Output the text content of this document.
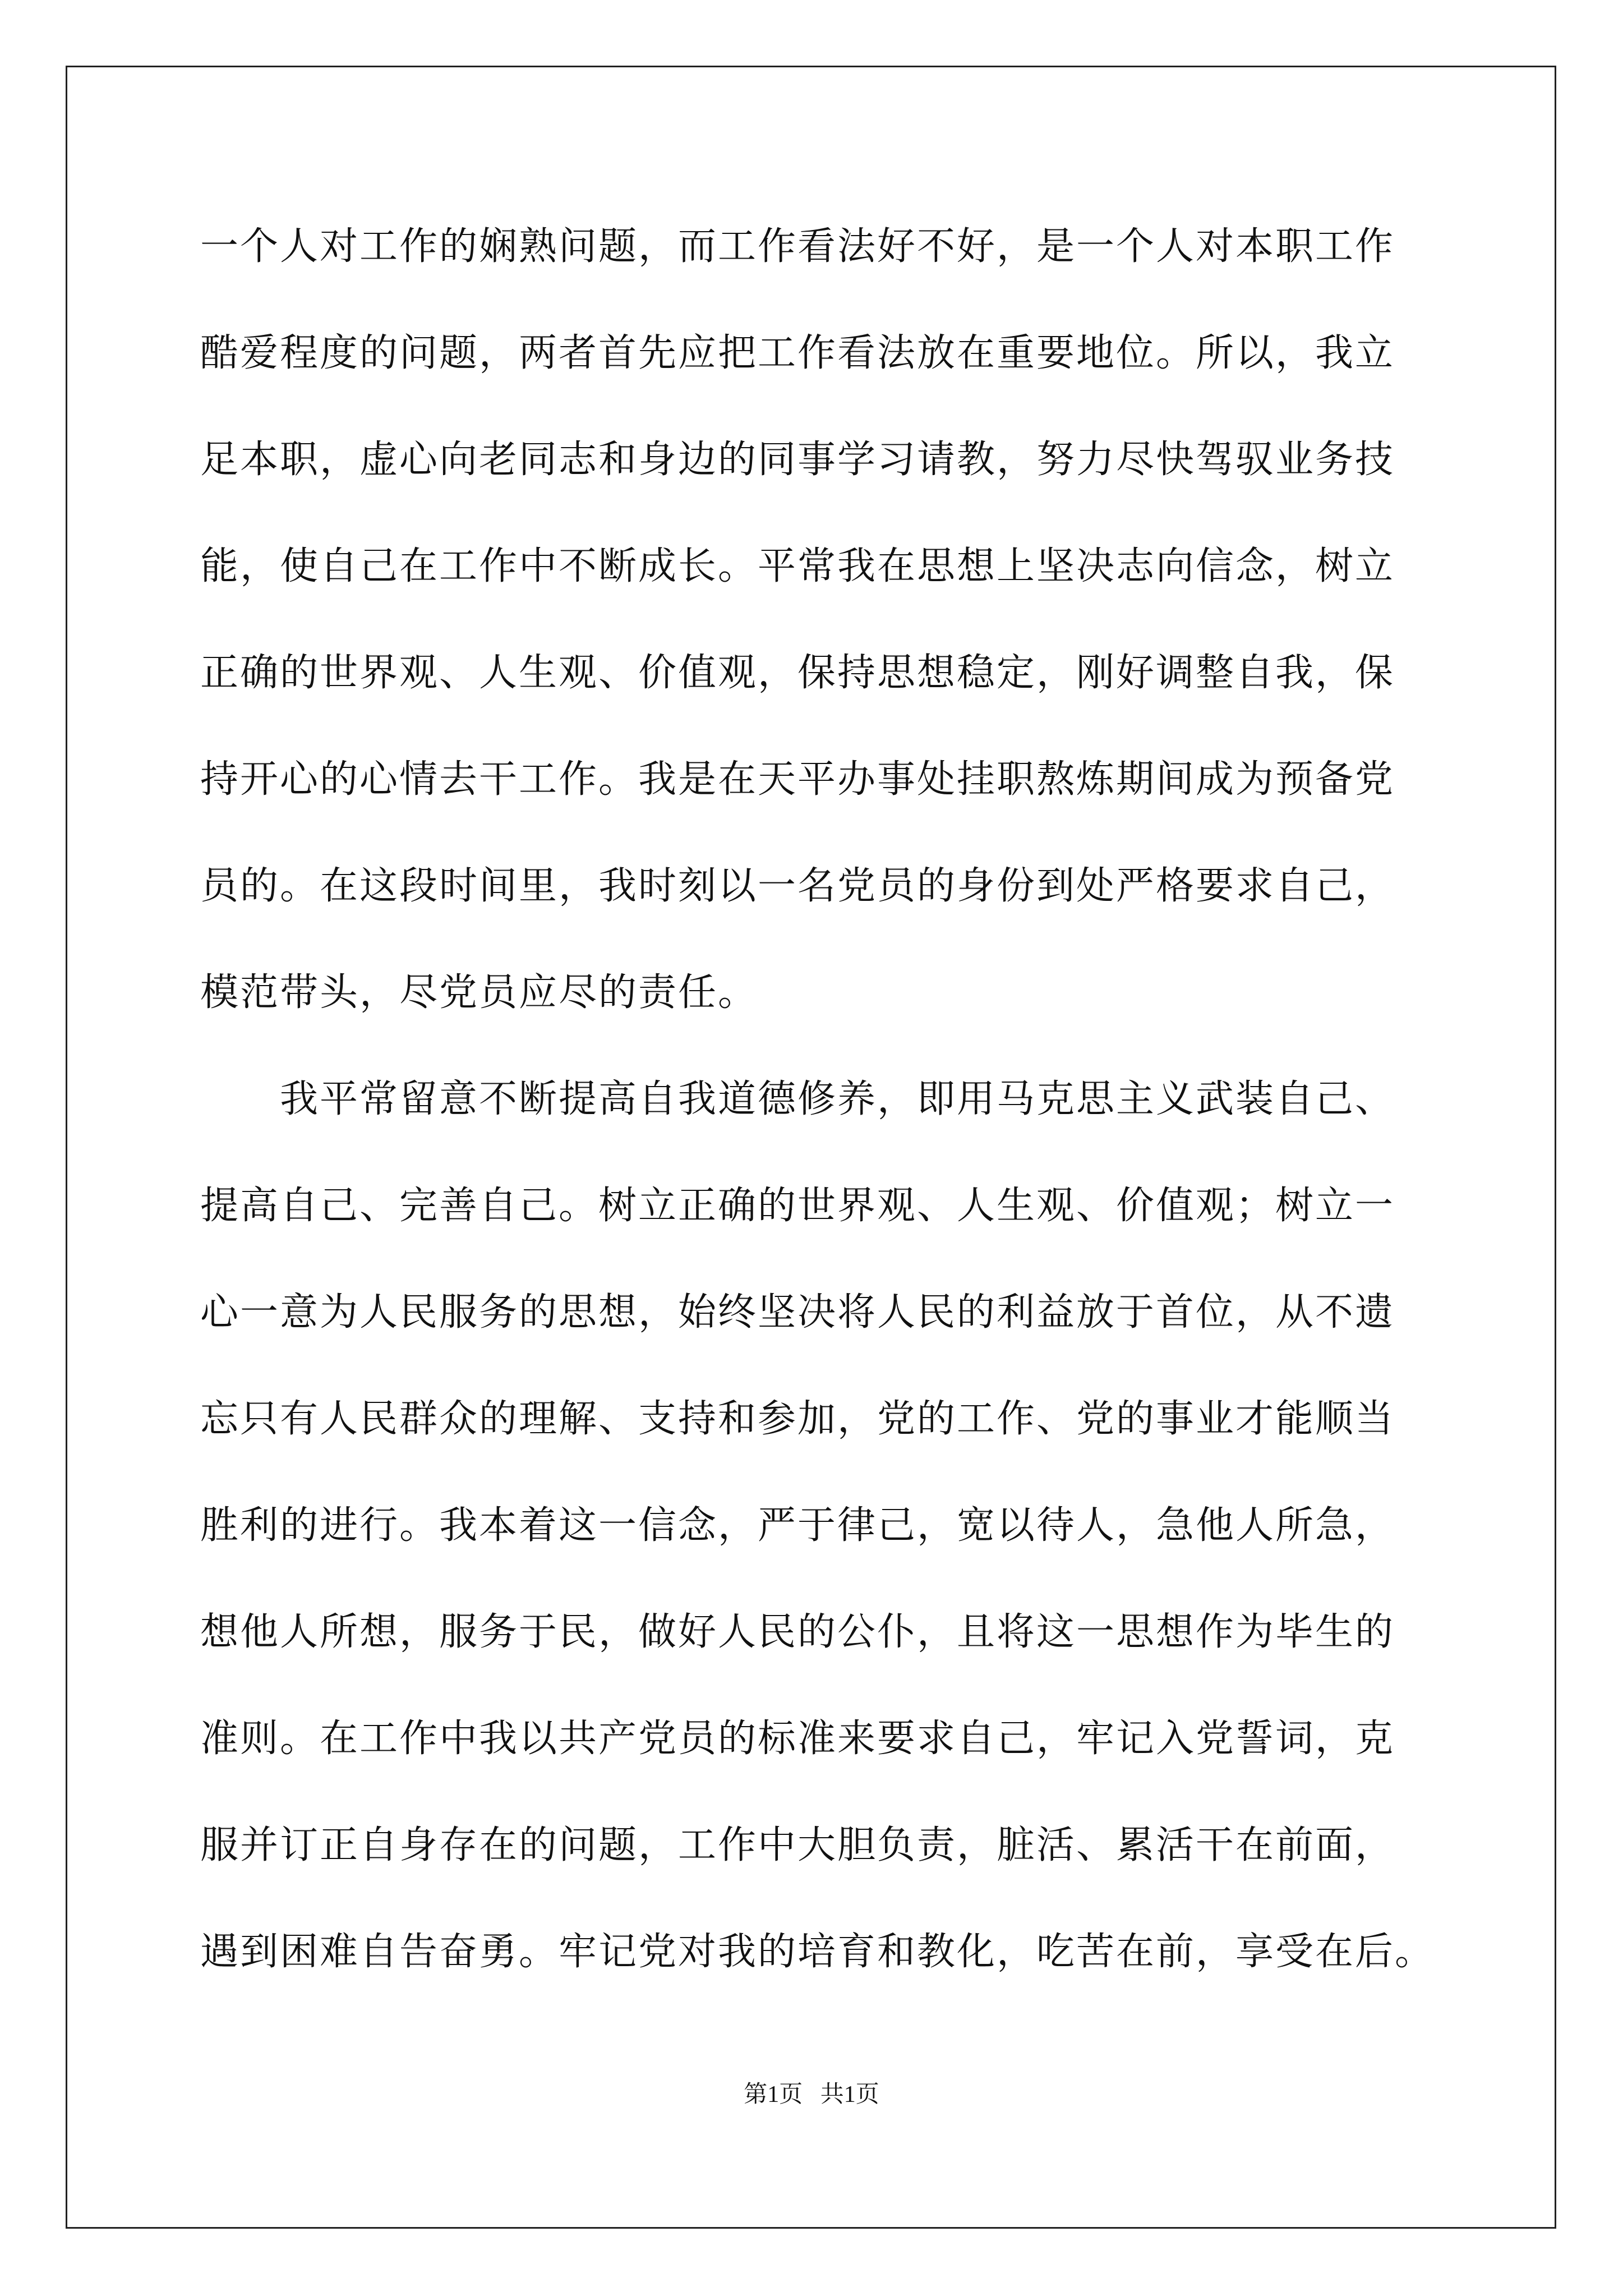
一个人对工作的娴熟问题，而工作看法好不好，是一个人对本职工作
酷爱程度的问题，两者首先应把工作看法放在重要地位。所以，我立
足本职，虚心向老同志和身边的同事学习请教，努力尽快驾驭业务技
能，使自己在工作中不断成长。平常我在思想上坚决志向信念，树立
正确的世界观、人生观、价值观，保持思想稳定，刚好调整自我，保
持开心的心情去干工作。我是在天平办事处挂职熬炼期间成为预备党
员的。在这段时间里，我时刻以一名党员的身份到处严格要求自己，
模范带头，尽党员应尽的责任。
我平常留意不断提高自我道德修养，即用马克思主义武装自己、
提高自己、完善自己。树立正确的世界观、人生观、价值观；树立一
心一意为人民服务的思想，始终坚决将人民的利益放于首位，从不遗
忘只有人民群众的理解、支持和参加，党的工作、党的事业才能顺当
胜利的进行。我本着这一信念，严于律己，宽以待人，急他人所急，
想他人所想，服务于民，做好人民的公仆，且将这一思想作为毕生的
准则。在工作中我以共产党员的标准来要求自己，牢记入党誓词，克
服并订正自身存在的问题，工作中大胆负责，脏活、累活干在前面，
遇到困难自告奋勇。牢记党对我的培育和教化，吃苦在前，享受在后。
第1页 共1页
